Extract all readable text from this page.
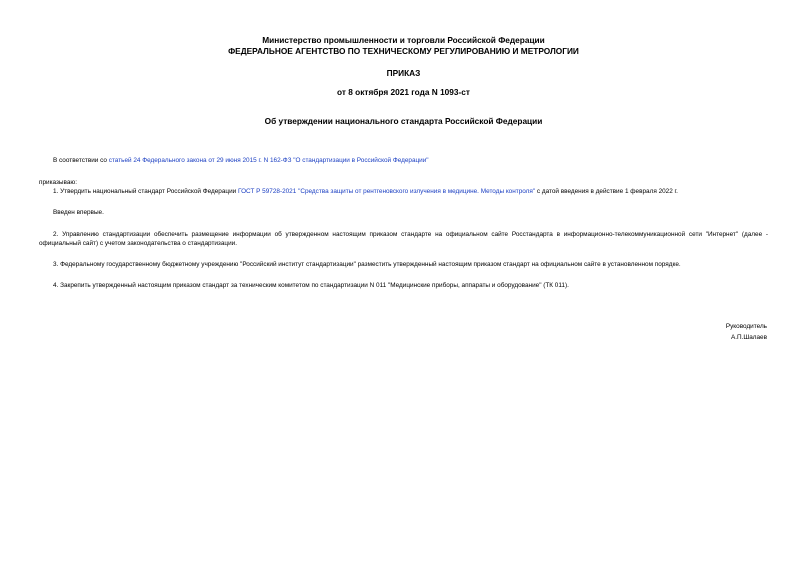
Министерство промышленности и торговли Российской Федерации
ФЕДЕРАЛЬНОЕ АГЕНТСТВО ПО ТЕХНИЧЕСКОМУ РЕГУЛИРОВАНИЮ И МЕТРОЛОГИИ
ПРИКАЗ
от 8 октября 2021 года N 1093-ст
Об утверждении национального стандарта Российской Федерации
В соответствии со статьей 24 Федерального закона от 29 июня 2015 г. N 162-ФЗ "О стандартизации в Российской Федерации"
приказываю:
1. Утвердить национальный стандарт Российской Федерации ГОСТ Р 59728-2021 "Средства защиты от рентгеновского излучения в медицине. Методы контроля" с датой введения в действие 1 февраля 2022 г.
Введен впервые.
2. Управлению стандартизации обеспечить размещение информации об утвержденном настоящим приказом стандарте на официальном сайте Росстандарта в информационно-телекоммуникационной сети "Интернет" (далее - официальный сайт) с учетом законодательства о стандартизации.
3. Федеральному государственному бюджетному учреждению "Российский институт стандартизации" разместить утвержденный настоящим приказом стандарт на официальном сайте в установленном порядке.
4. Закрепить утвержденный настоящим приказом стандарт за техническим комитетом по стандартизации N 011 "Медицинские приборы, аппараты и оборудование" (ТК 011).
Руководитель
А.П.Шалаев
